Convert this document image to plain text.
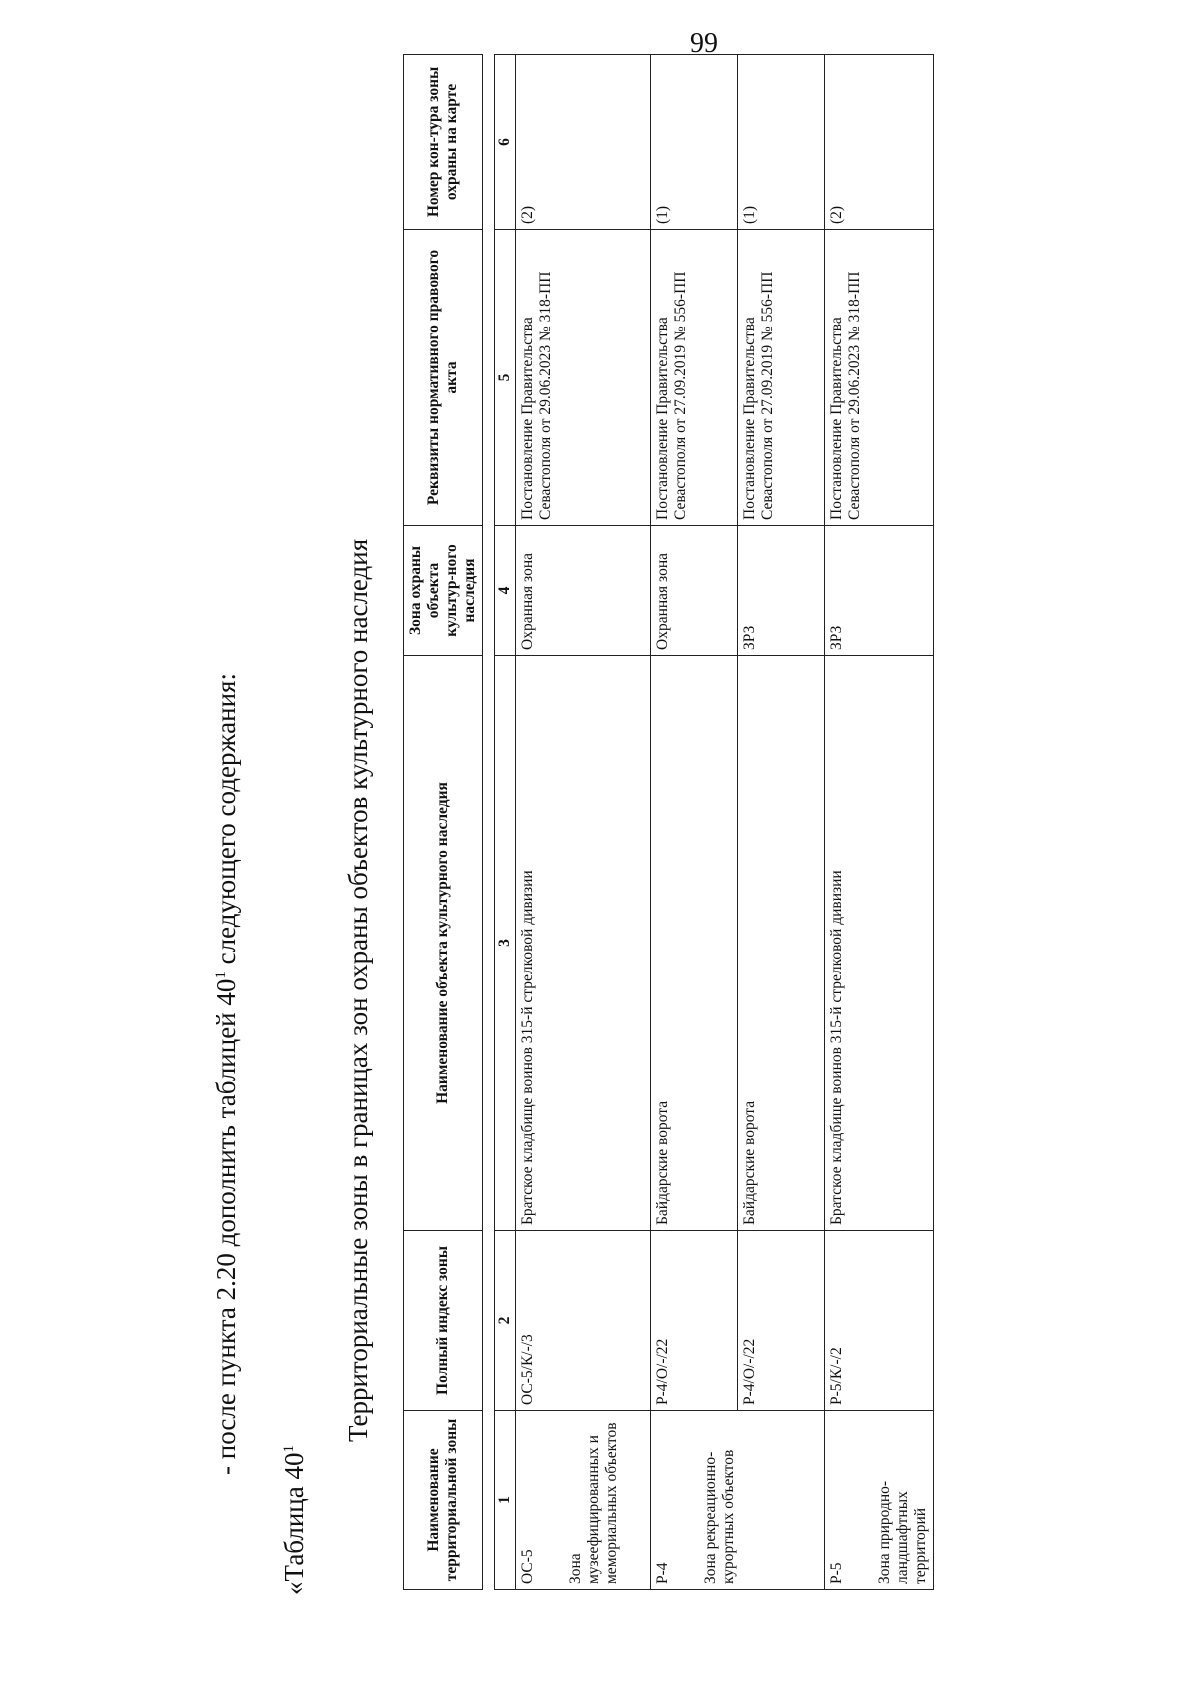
99
- после пункта 2.20 дополнить таблицей $40^1$ следующего содержания:
«Таблица $40^1$
Территориальные зоны в границах зон охраны объектов культурного наследия
Наименование территориальной зоны	Полный индекс зоны	Наименование объекта культурного наследия	Зона охраны объекта культур-ного наследия	Реквизиты нормативного правового акта	Номер кон-тура зоны охраны на карте

1	2	3	4	5	6

ОС-5 Зона музеефицированных и мемориальных объектов	ОС-5/К/-/3	Братское кладбище воинов 315-й стрелковой дивизии	Охранная зона	Постановление Правительства Севастополя от 29.06.2023 № 318-ПП	(2)

Р-4 Зона рекреационно-курортных объектов	Р-4/О/-/22	Байдарские ворота	Охранная зона	Постановление Правительства Севастополя от 27.09.2019 № 556-ПП	(1)
	Р-4/О/-/22	Байдарские ворота	ЗРЗ	Постановление Правительства Севастополя от 27.09.2019 № 556-ПП	(1)

Р-5 Зона природно-ландшафтных территорий	Р-5/К/-/2	Братское кладбище воинов 315-й стрелковой дивизии	ЗРЗ	Постановление Правительства Севастополя от 29.06.2023 № 318-ПП	(2)
